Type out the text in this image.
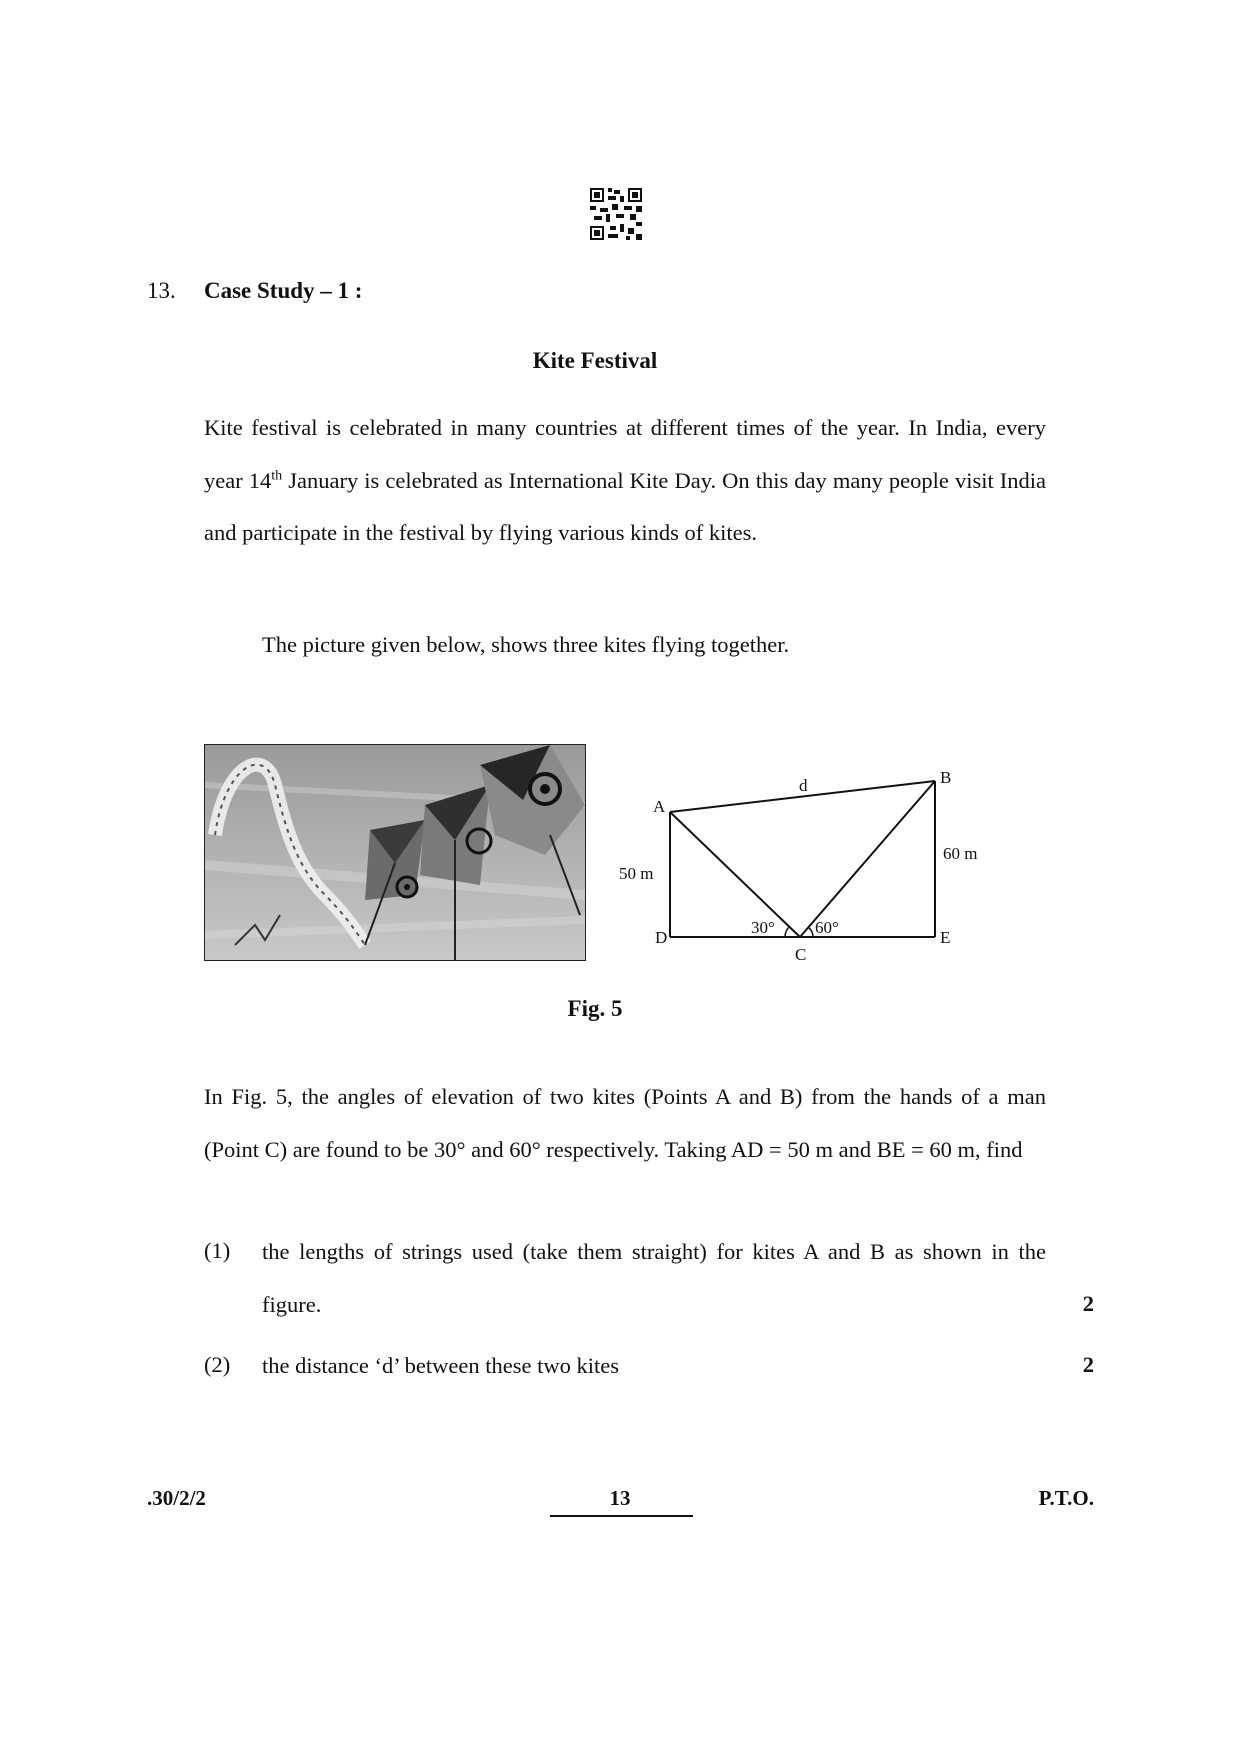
13. Case Study – 1 :
Kite Festival
Kite festival is celebrated in many countries at different times of the year. In India, every year 14th January is celebrated as International Kite Day. On this day many people visit India and participate in the festival by flying various kinds of kites.
The picture given below, shows three kites flying together.
A
B
C
D	E
d
50 m
60 m
30° 60°
Fig. 5
In Fig. 5, the angles of elevation of two kites (Points A and B) from the hands of a man (Point C) are found to be 30° and 60° respectively. Taking AD = 50 m and BE = 60 m, find
(1) the lengths of strings used (take them straight) for kites A and B as shown in the figure.	2
(2) the distance ‘d’ between these two kites	2
.30/2/2	13	P.T.O.
